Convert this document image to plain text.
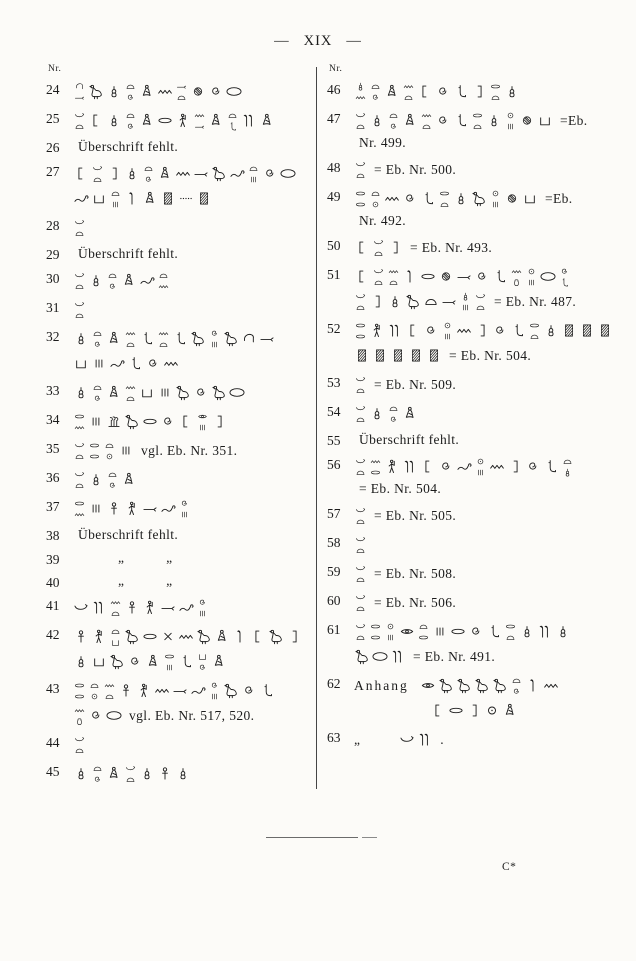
— XIX —
Nr.
24
25
26	Überschrift fehlt.
27
28
29	Überschrift fehlt.
30
31
32
33
34
35	vgl. Eb. Nr. 351.
36
37
38	Überschrift fehlt.
39	„   „
40	„   „
41
42
43
vgl. Eb. Nr. 517, 520.
44
45
Nr.
46
47	=Eb.
Nr. 499.
48	= Eb. Nr. 500.
49	=Eb.
Nr. 492.
50	= Eb. Nr. 493.
51
= Eb. Nr. 487.
52
= Eb. Nr. 504.
53	= Eb. Nr. 509.
54
55	Überschrift fehlt.
56
= Eb. Nr. 504.
57	= Eb. Nr. 505.
58
59	= Eb. Nr. 508.
60	= Eb. Nr. 506.
61
= Eb. Nr. 491.
62	Anhang
63	„   	.
C*
